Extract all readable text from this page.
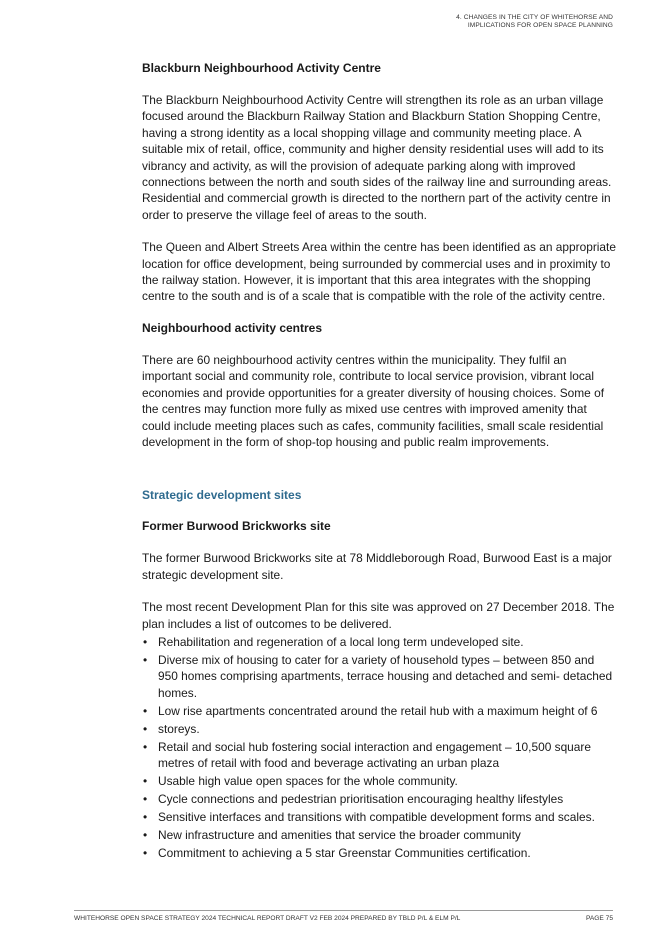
4. CHANGES IN THE CITY OF WHITEHORSE AND
IMPLICATIONS FOR OPEN SPACE PLANNING
Blackburn Neighbourhood Activity Centre

The Blackburn Neighbourhood Activity Centre will strengthen its role as an urban village focused around the Blackburn Railway Station and Blackburn Station Shopping Centre, having a strong identity as a local shopping village and community meeting place. A suitable mix of retail, office, community and higher density residential uses will add to its vibrancy and activity, as will the provision of adequate parking along with improved connections between the north and south sides of the railway line and surrounding areas. Residential and commercial growth is directed to the northern part of the activity centre in order to preserve the village feel of areas to the south.

The Queen and Albert Streets Area within the centre has been identified as an appropriate location for office development, being surrounded by commercial uses and in proximity to the railway station. However, it is important that this area integrates with the shopping centre to the south and is of a scale that is compatible with the role of the activity centre.

Neighbourhood activity centres

There are 60 neighbourhood activity centres within the municipality. They fulfil an important social and community role, contribute to local service provision, vibrant local economies and provide opportunities for a greater diversity of housing choices. Some of the centres may function more fully as mixed use centres with improved amenity that could include meeting places such as cafes, community facilities, small scale residential development in the form of shop-top housing and public realm improvements.

Strategic development sites
Former Burwood Brickworks site

The former Burwood Brickworks site at 78 Middleborough Road, Burwood East is a major strategic development site.

The most recent Development Plan for this site was approved on 27 December 2018. The plan includes a list of outcomes to be delivered.

• Rehabilitation and regeneration of a local long term undeveloped site.
• Diverse mix of housing to cater for a variety of household types – between 850 and 950 homes comprising apartments, terrace housing and detached and semi- detached homes.
• Low rise apartments concentrated around the retail hub with a maximum height of 6
• storeys.
• Retail and social hub fostering social interaction and engagement – 10,500 square metres of retail with food and beverage activating an urban plaza
• Usable high value open spaces for the whole community.
• Cycle connections and pedestrian prioritisation encouraging healthy lifestyles
• Sensitive interfaces and transitions with compatible development forms and scales.
• New infrastructure and amenities that service the broader community
• Commitment to achieving a 5 star Greenstar Communities certification.
WHITEHORSE OPEN SPACE STRATEGY 2024 TECHNICAL REPORT DRAFT V2 FEB 2024 PREPARED BY TBLD P/L & ELM P/L	PAGE 75
